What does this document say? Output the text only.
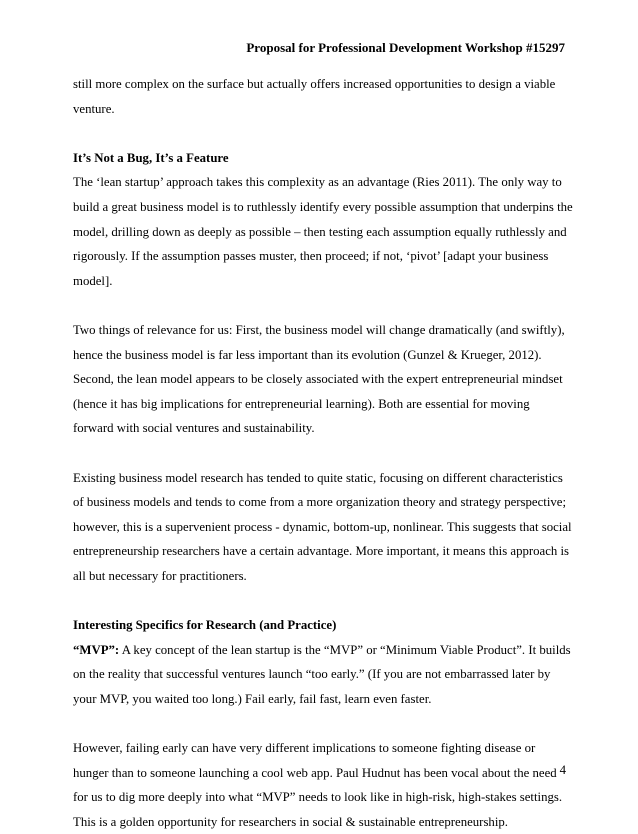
Proposal for Professional Development Workshop #15297

still more complex on the surface but actually offers increased opportunities to design a viable venture.

It’s Not a Bug, It’s a Feature

The ‘lean startup’ approach takes this complexity as an advantage (Ries 2011). The only way to build a great business model is to ruthlessly identify every possible assumption that underpins the model, drilling down as deeply as possible – then testing each assumption equally ruthlessly and rigorously. If the assumption passes muster, then proceed; if not, ‘pivot’ [adapt your business model].

Two things of relevance for us: First, the business model will change dramatically (and swiftly), hence the business model is far less important than its evolution (Gunzel & Krueger, 2012). Second, the lean model appears to be closely associated with the expert entrepreneurial mindset (hence it has big implications for entrepreneurial learning). Both are essential for moving forward with social ventures and sustainability.

Existing business model research has tended to quite static, focusing on different characteristics of business models and tends to come from a more organization theory and strategy perspective; however, this is a supervenient process - dynamic, bottom-up, nonlinear. This suggests that social entrepreneurship researchers have a certain advantage. More important, it means this approach is all but necessary for practitioners.

Interesting Specifics for Research (and Practice)

“MVP”: A key concept of the lean startup is the “MVP” or “Minimum Viable Product”. It builds on the reality that successful ventures launch “too early.” (If you are not embarrassed later by your MVP, you waited too long.) Fail early, fail fast, learn even faster.

However, failing early can have very different implications to someone fighting disease or hunger than to someone launching a cool web app. Paul Hudnut has been vocal about the need for us to dig more deeply into what “MVP” needs to look like in high-risk, high-stakes settings. This is a golden opportunity for researchers in social & sustainable entrepreneurship.

4
